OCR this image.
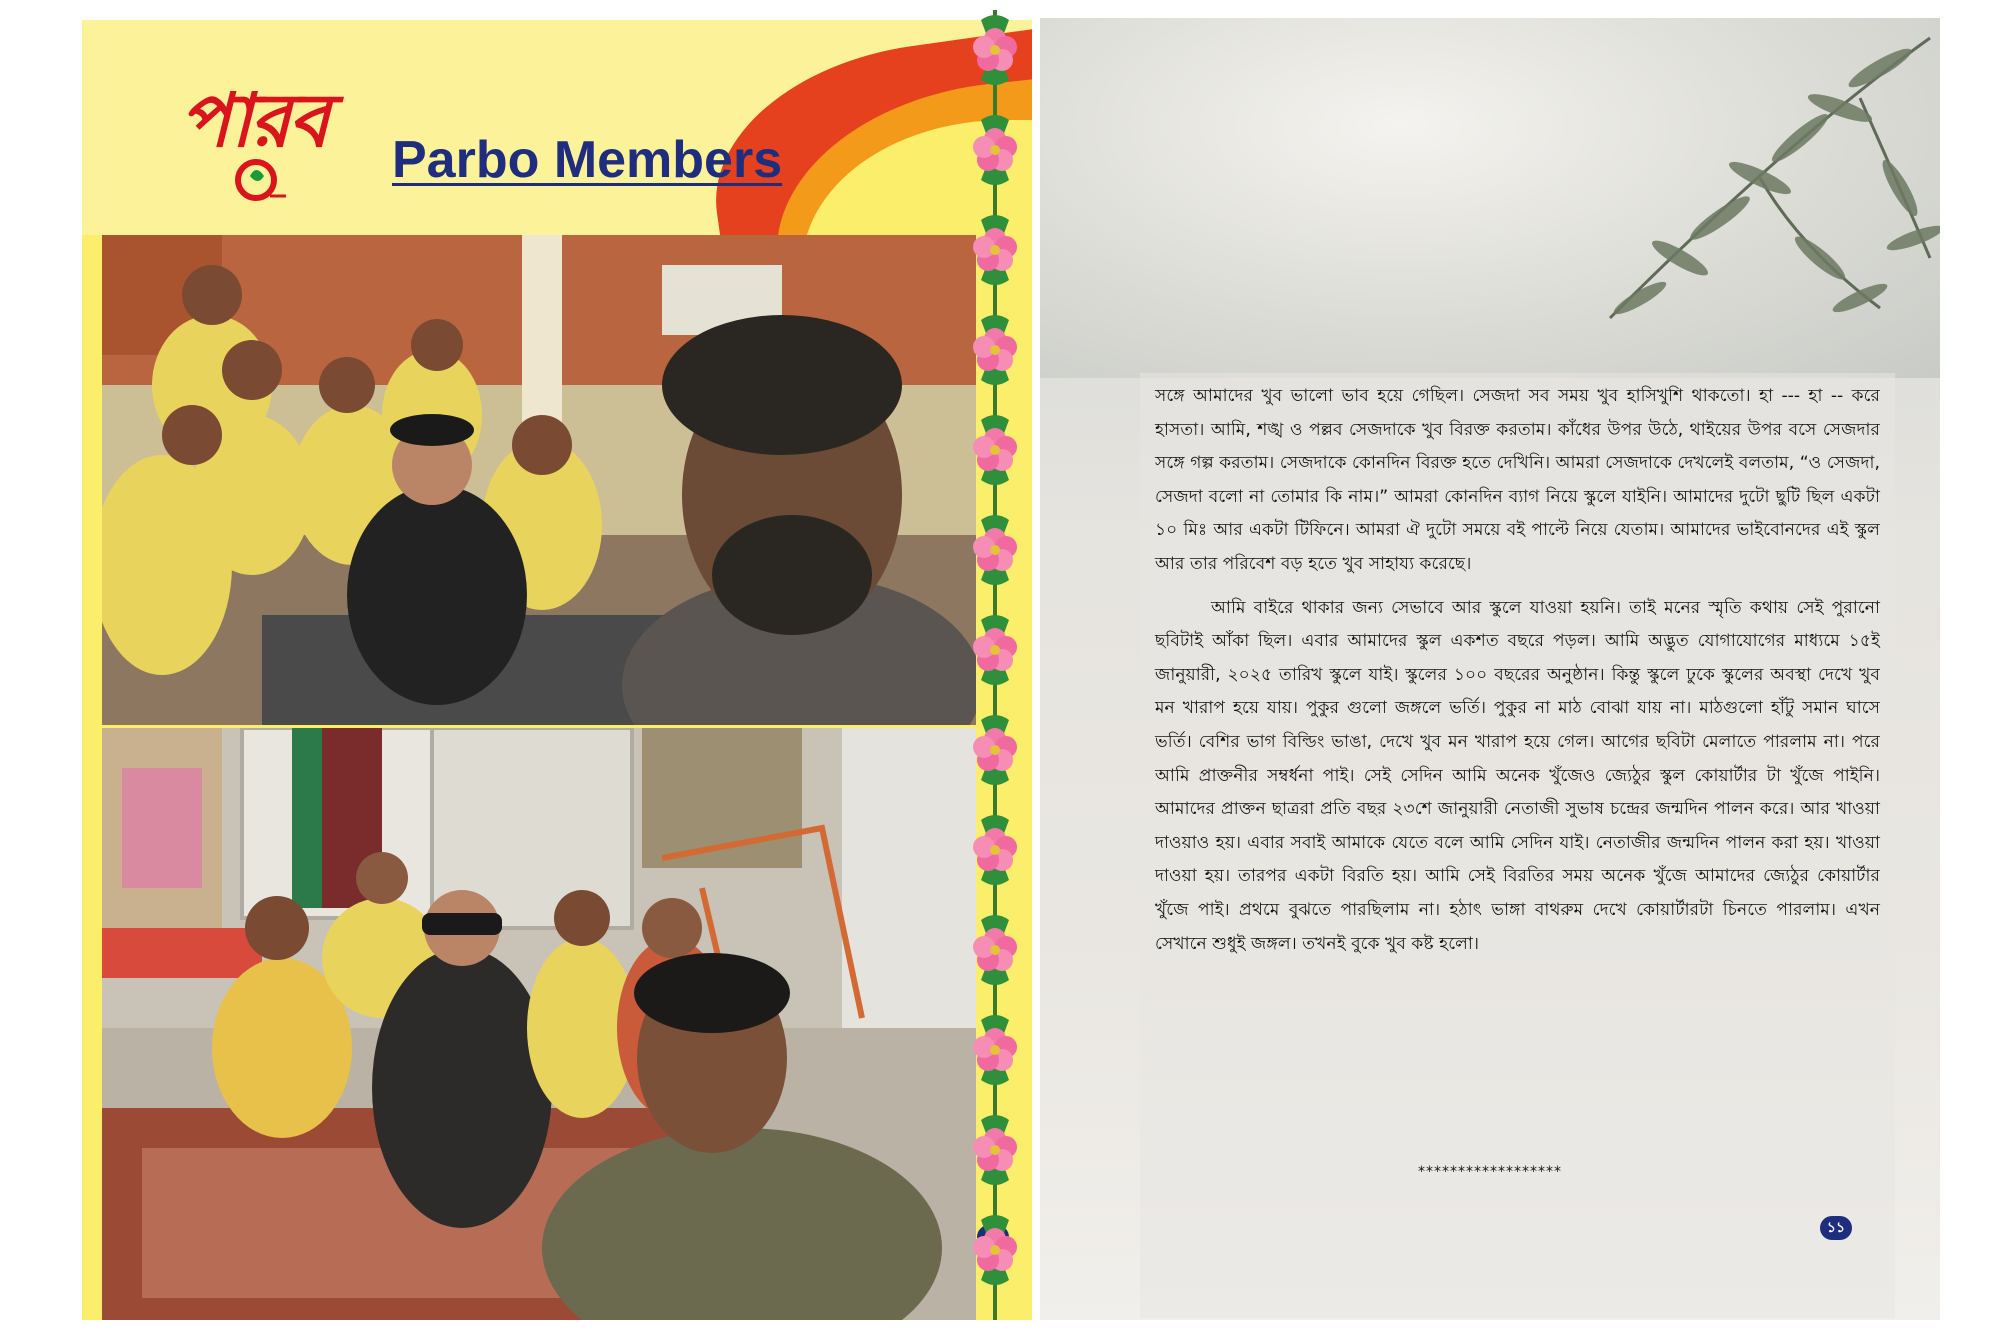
পারব Parbo Members

সঙ্গে আমাদের খুব ভালো ভাব হয়ে গেছিল। সেজদা সব সময় খুব হাসিখুশি থাকতো। হা --- হা -- করে হাসতা। আমি, শঙ্খ ও পল্লব সেজদাকে খুব বিরক্ত করতাম। কাঁধের উপর উঠে, থাইয়ের উপর বসে সেজদার সঙ্গে গল্প করতাম। সেজদাকে কোনদিন বিরক্ত হতে দেখিনি। আমরা সেজদাকে দেখলেই বলতাম, “ও সেজদা, সেজদা বলো না তোমার কি নাম।” আমরা কোনদিন ব্যাগ নিয়ে স্কুলে যাইনি। আমাদের দুটো ছুটি ছিল একটা ১০ মিঃ আর একটা টিফিনে। আমরা ঐ দুটো সময়ে বই পাল্টে নিয়ে যেতাম। আমাদের ভাইবোনদের এই স্কুল আর তার পরিবেশ বড় হতে খুব সাহায্য করেছে।

আমি বাইরে থাকার জন্য সেভাবে আর স্কুলে যাওয়া হয়নি। তাই মনের স্মৃতি কথায় সেই পুরানো ছবিটাই আঁকা ছিল। এবার আমাদের স্কুল একশত বছরে পড়ল। আমি অদ্ভুত যোগাযোগের মাধ্যমে ১৫ই জানুয়ারী, ২০২৫ তারিখ স্কুলে যাই। স্কুলের ১০০ বছরের অনুষ্ঠান। কিন্তু স্কুলে ঢুকে স্কুলের অবস্থা দেখে খুব মন খারাপ হয়ে যায়। পুকুর গুলো জঙ্গলে ভর্তি। পুকুর না মাঠ বোঝা যায় না। মাঠগুলো হাঁটু সমান ঘাসে ভর্তি। বেশির ভাগ বিল্ডিং ভাঙা, দেখে খুব মন খারাপ হয়ে গেল। আগের ছবিটা মেলাতে পারলাম না। পরে আমি প্রাক্তনীর সম্বর্ধনা পাই। সেই সেদিন আমি অনেক খুঁজেও জ্যেঠুর স্কুল কোয়ার্টার টা খুঁজে পাইনি। আমাদের প্রাক্তন ছাত্ররা প্রতি বছর ২৩শে জানুয়ারী নেতাজী সুভাষ চন্দ্রের জন্মদিন পালন করে। আর খাওয়া দাওয়াও হয়। এবার সবাই আমাকে যেতে বলে আমি সেদিন যাই। নেতাজীর জন্মদিন পালন করা হয়। খাওয়া দাওয়া হয়। তারপর একটা বিরতি হয়। আমি সেই বিরতির সময় অনেক খুঁজে আমাদের জ্যেঠুর কোয়ার্টার খুঁজে পাই। প্রথমে বুঝতে পারছিলাম না। হঠাৎ ভাঙ্গা বাথরুম দেখে কোয়ার্টারটা চিনতে পারলাম। এখন সেখানে শুধুই জঙ্গল। তখনই বুকে খুব কষ্ট হলো।

******************
১১
